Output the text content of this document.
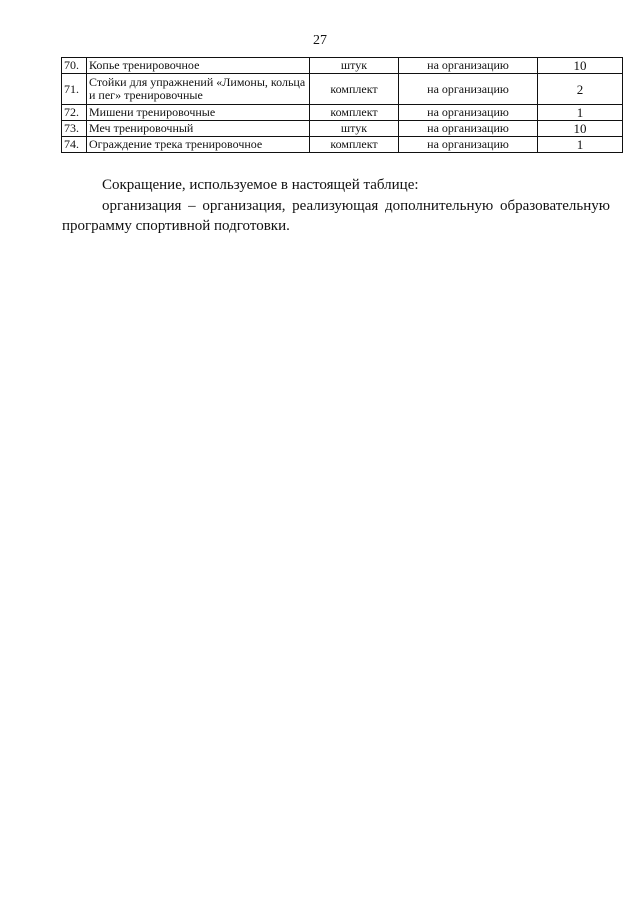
27
70.	Копье тренировочное	штук	на организацию	10
71.	Стойки для упражнений «Лимоны, кольца и пег» тренировочные	комплект	на организацию	2
72.	Мишени тренировочные	комплект	на организацию	1
73.	Меч тренировочный	штук	на организацию	10
74.	Ограждение трека тренировочное	комплект	на организацию	1
Сокращение, используемое в настоящей таблице:

организация – организация, реализующая дополнительную образовательную программу спортивной подготовки.
